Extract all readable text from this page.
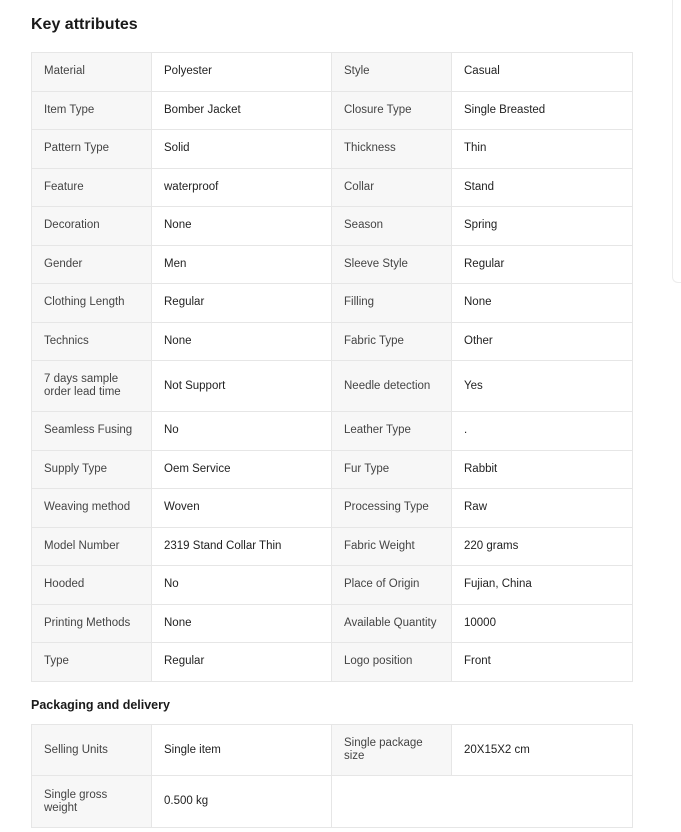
Key attributes
Material	Polyester	Style	Casual
Item Type	Bomber Jacket	Closure Type	Single Breasted
Pattern Type	Solid	Thickness	Thin
Feature	waterproof	Collar	Stand
Decoration	None	Season	Spring
Gender	Men	Sleeve Style	Regular
Clothing Length	Regular	Filling	None
Technics	None	Fabric Type	Other
7 days sample order lead time	Not Support	Needle detection	Yes
Seamless Fusing	No	Leather Type	.
Supply Type	Oem Service	Fur Type	Rabbit
Weaving method	Woven	Processing Type	Raw
Model Number	2319 Stand Collar Thin	Fabric Weight	220 grams
Hooded	No	Place of Origin	Fujian, China
Printing Methods	None	Available Quantity	10000
Type	Regular	Logo position	Front
Packaging and delivery
Selling Units	Single item	Single package size	20X15X2 cm
Single gross weight	0.500 kg		
